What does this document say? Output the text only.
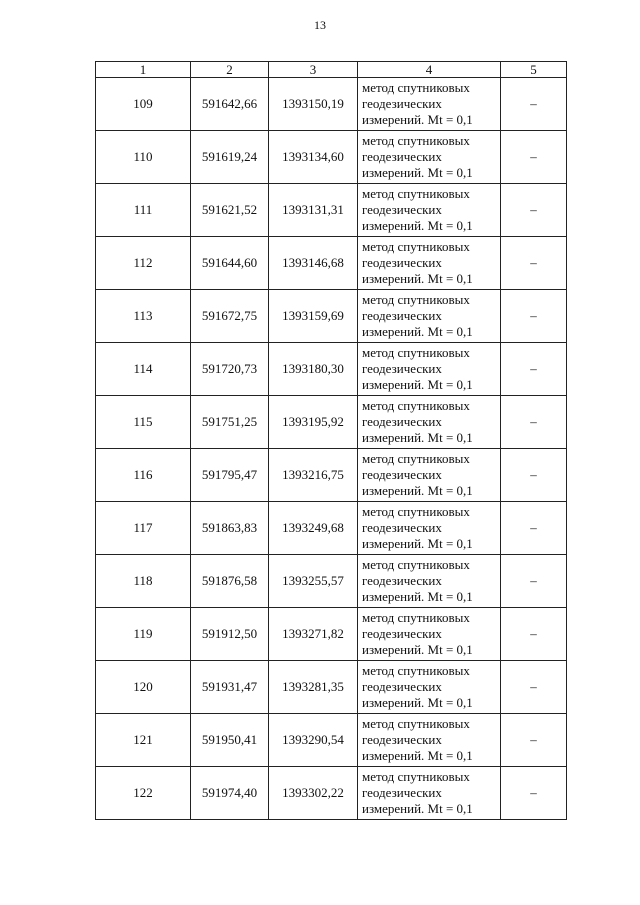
13
1	2	3	4	5
109	591642,66	1393150,19	метод спутниковых
геодезических
измерений. Mt = 0,1	–
110	591619,24	1393134,60	метод спутниковых
геодезических
измерений. Mt = 0,1	–
111	591621,52	1393131,31	метод спутниковых
геодезических
измерений. Mt = 0,1	–
112	591644,60	1393146,68	метод спутниковых
геодезических
измерений. Mt = 0,1	–
113	591672,75	1393159,69	метод спутниковых
геодезических
измерений. Mt = 0,1	–
114	591720,73	1393180,30	метод спутниковых
геодезических
измерений. Mt = 0,1	–
115	591751,25	1393195,92	метод спутниковых
геодезических
измерений. Mt = 0,1	–
116	591795,47	1393216,75	метод спутниковых
геодезических
измерений. Mt = 0,1	–
117	591863,83	1393249,68	метод спутниковых
геодезических
измерений. Mt = 0,1	–
118	591876,58	1393255,57	метод спутниковых
геодезических
измерений. Mt = 0,1	–
119	591912,50	1393271,82	метод спутниковых
геодезических
измерений. Mt = 0,1	–
120	591931,47	1393281,35	метод спутниковых
геодезических
измерений. Mt = 0,1	–
121	591950,41	1393290,54	метод спутниковых
геодезических
измерений. Mt = 0,1	–
122	591974,40	1393302,22	метод спутниковых
геодезических
измерений. Mt = 0,1	–
